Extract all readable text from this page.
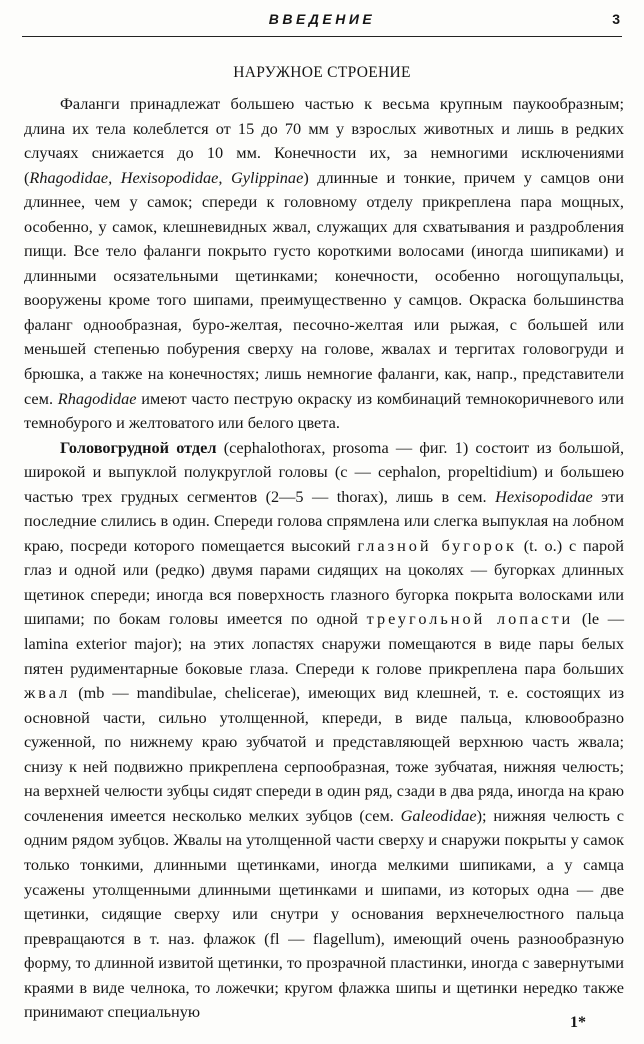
ВВЕДЕНИЕ	3
НАРУЖНОЕ СТРОЕНИЕ

Фаланги принадлежат большею частью к весьма крупным паукообразным; длина их тела колеблется от 15 до 70 мм у взрослых животных и лишь в редких случаях снижается до 10 мм. Конечности их, за немногими исключениями (Rhagodidae, Hexisopodidae, Gylippinae) длинные и тонкие, причем у самцов они длиннее, чем у самок; спереди к головному отделу прикреплена пара мощных, особенно, у самок, клешневидных жвал, служащих для схватывания и раздробления пищи. Все тело фаланги покрыто густо короткими волосами (иногда шипиками) и длинными осязательными щетинками; конечности, особенно ногощупальцы, вооружены кроме того шипами, преимущественно у самцов. Окраска большинства фаланг однообразная, буро-желтая, песочно-желтая или рыжая, с большей или меньшей степенью побурения сверху на голове, жвалах и тергитах головогруди и брюшка, а также на конечностях; лишь немногие фаланги, как, напр., представители сем. Rhagodidae имеют часто пеструю окраску из комбинаций темнокоричневого или темнобурого и желтоватого или белого цвета.

Головогрудной отдел (cephalothorax, prosoma — фиг. 1) состоит из большой, широкой и выпуклой полукруглой головы (c — cephalon, propeltidium) и большею частью трех грудных сегментов (2—5 — thorax), лишь в сем. Hexisopodidae эти последние слились в один. Спереди голова спрямлена или слегка выпуклая на лобном краю, посреди которого помещается высокий глазной бугорок (t. o.) с парой глаз и одной или (редко) двумя парами сидящих на цоколях — бугорках длинных щетинок спереди; иногда вся поверхность глазного бугорка покрыта волосками или шипами; по бокам головы имеется по одной треугольной лопасти (le — lamina exterior major); на этих лопастях снаружи помещаются в виде пары белых пятен рудиментарные боковые глаза. Спереди к голове прикреплена пара больших жвал (mb — mandibulae, chelicerae), имеющих вид клешней, т. е. состоящих из основной части, сильно утолщенной, кпереди, в виде пальца, клювообразно суженной, по нижнему краю зубчатой и представляющей верхнюю часть жвала; снизу к ней подвижно прикреплена серпообразная, тоже зубчатая, нижняя челюсть; на верхней челюсти зубцы сидят спереди в один ряд, сзади в два ряда, иногда на краю сочленения имеется несколько мелких зубцов (сем. Galeodidae); нижняя челюсть с одним рядом зубцов. Жвалы на утолщенной части сверху и снаружи покрыты у самок только тонкими, длинными щетинками, иногда мелкими шипиками, а у самца усажены утолщенными длинными щетинками и шипами, из которых одна — две щетинки, сидящие сверху или снутри у основания верхнечелюстного пальца превращаются в т. наз. флажок (fl — flagellum), имеющий очень разнообразную форму, то длинной извитой щетинки, то прозрачной пластинки, иногда с завернутыми краями в виде челнока, то ложечки; кругом флажка шипы и щетинки нередко также принимают специальную

1*
